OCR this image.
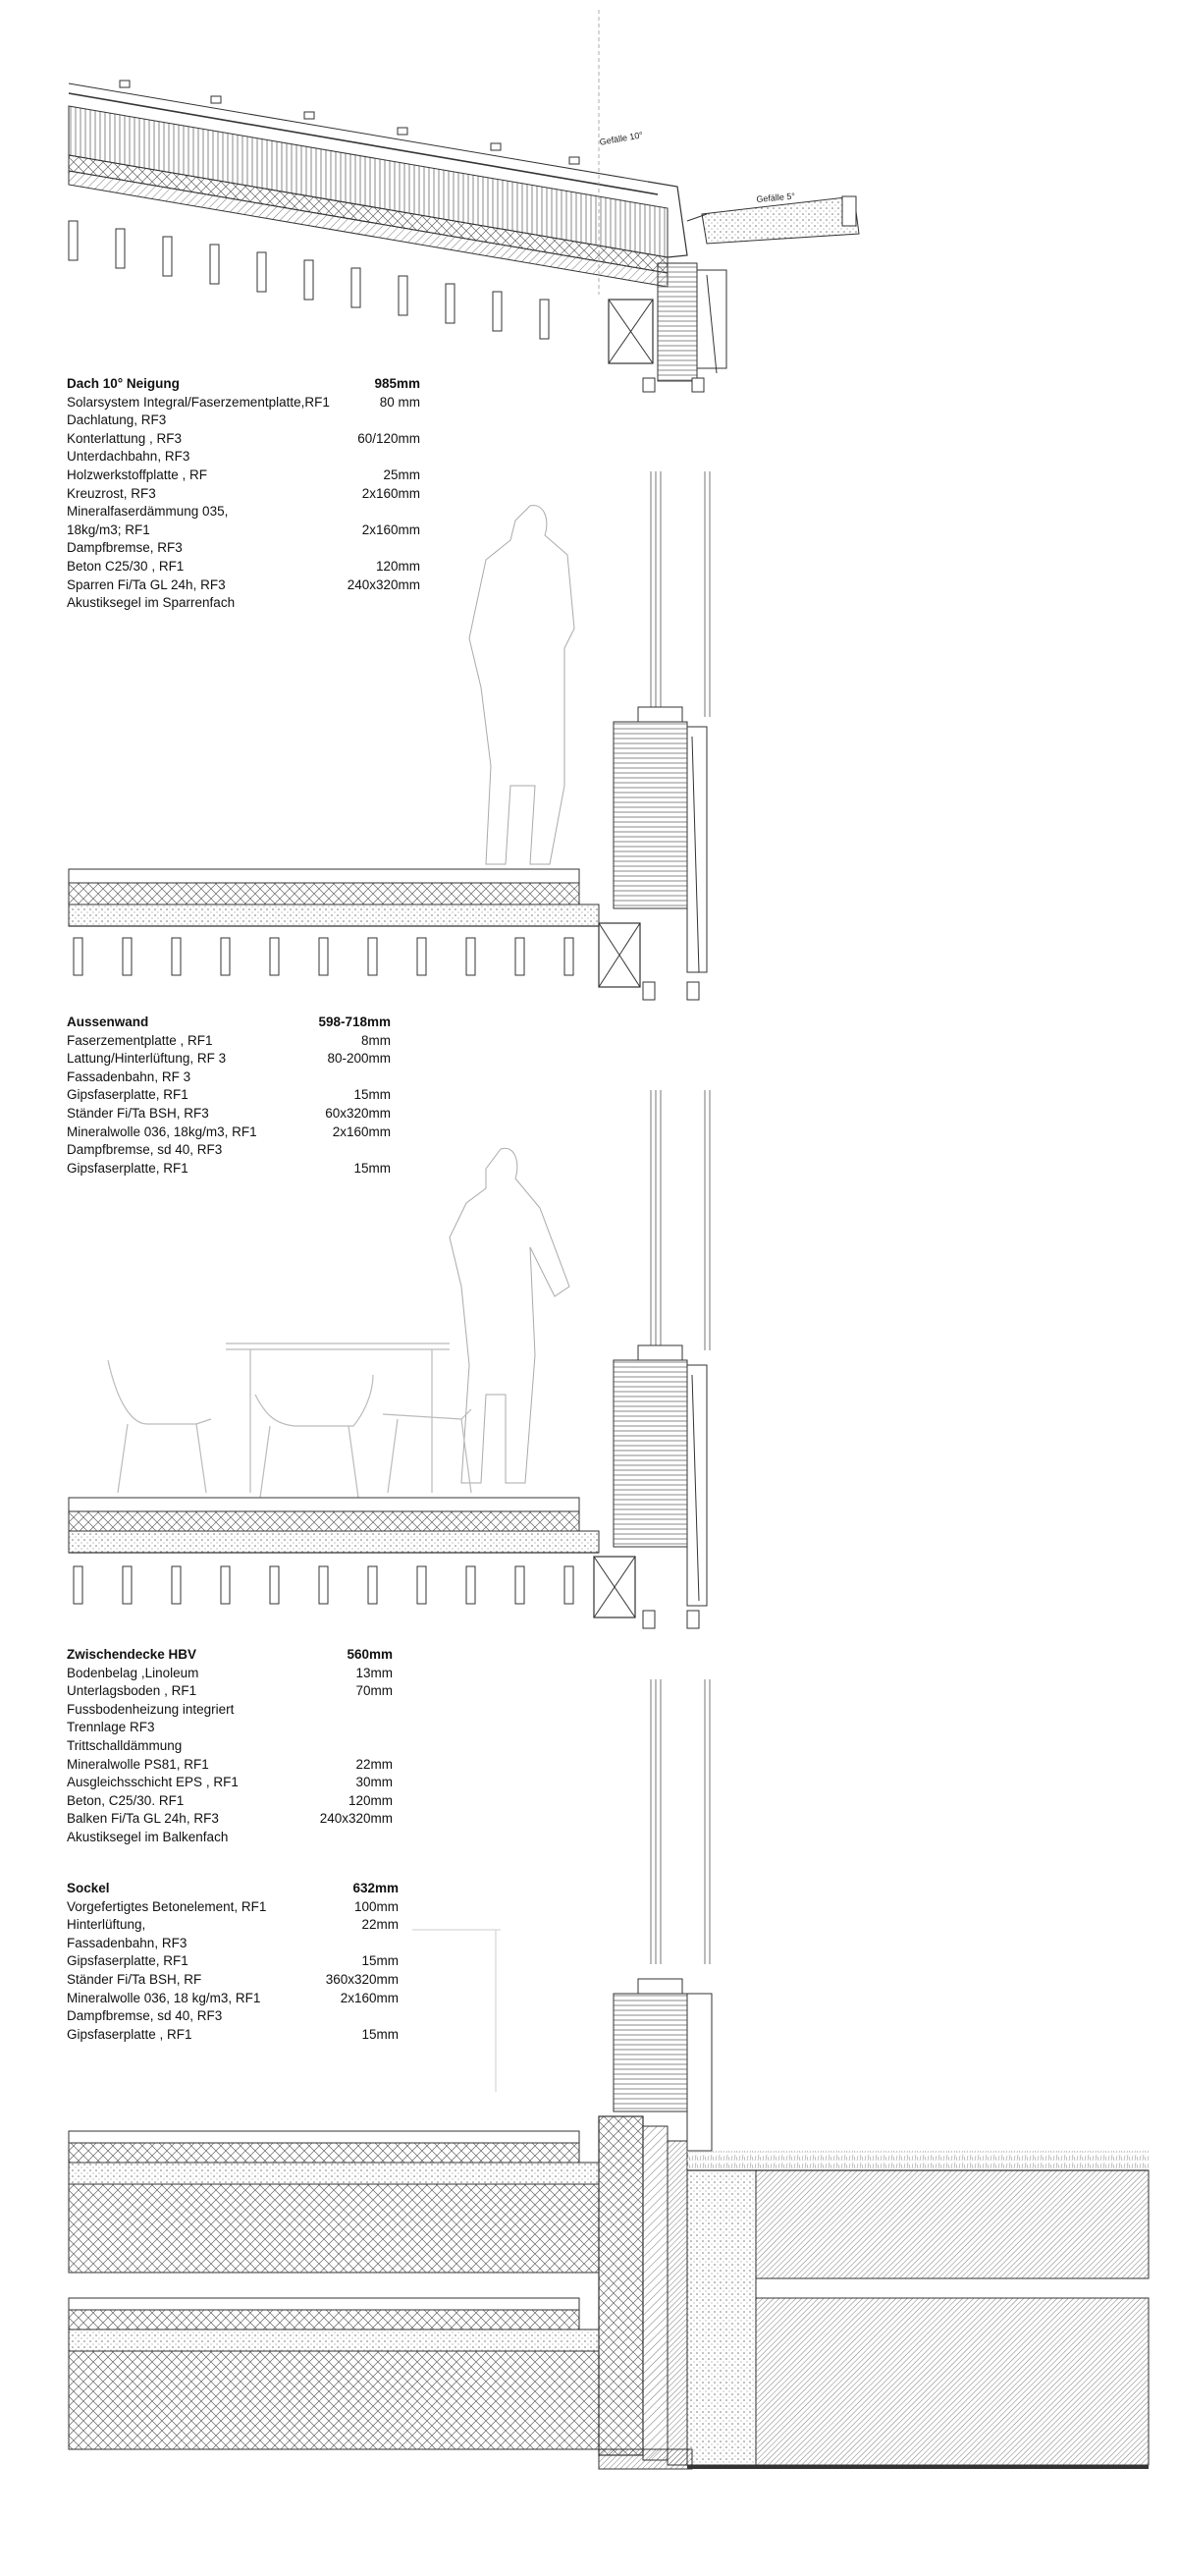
Gefälle 10°
Gefälle 5°
Dach 10° Neigung	985mm
Solarsystem Integral/Faserzementplatte,RF1	80 mm
Dachlatung, RF3
Konterlattung , RF3	60/120mm
Unterdachbahn, RF3
Holzwerkstoffplatte , RF	25mm
Kreuzrost, RF3	2x160mm
Mineralfaserdämmung 035,
18kg/m3; RF1	2x160mm
Dampfbremse, RF3
Beton C25/30 , RF1	120mm
Sparren Fi/Ta GL 24h, RF3	240x320mm
Akustiksegel im Sparrenfach
Aussenwand	598-718mm
Faserzementplatte , RF1	8mm
Lattung/Hinterlüftung, RF 3	80-200mm
Fassadenbahn, RF 3
Gipsfaserplatte, RF1	15mm
Ständer Fi/Ta BSH, RF3	60x320mm
Mineralwolle 036, 18kg/m3, RF1	2x160mm
Dampfbremse, sd 40, RF3
Gipsfaserplatte, RF1	15mm
Zwischendecke HBV	560mm
Bodenbelag ,Linoleum	13mm
Unterlagsboden , RF1	70mm
Fussbodenheizung integriert
Trennlage RF3
Trittschalldämmung
Mineralwolle PS81, RF1	22mm
Ausgleichsschicht EPS , RF1	30mm
Beton, C25/30. RF1	120mm
Balken Fi/Ta GL 24h, RF3	240x320mm
Akustiksegel im Balkenfach
Sockel	632mm
Vorgefertigtes Betonelement, RF1	100mm
Hinterlüftung,	22mm
Fassadenbahn, RF3
Gipsfaserplatte, RF1	15mm
Ständer Fi/Ta BSH, RF	360x320mm
Mineralwolle 036, 18 kg/m3, RF1	2x160mm
Dampfbremse, sd 40, RF3
Gipsfaserplatte , RF1	15mm
